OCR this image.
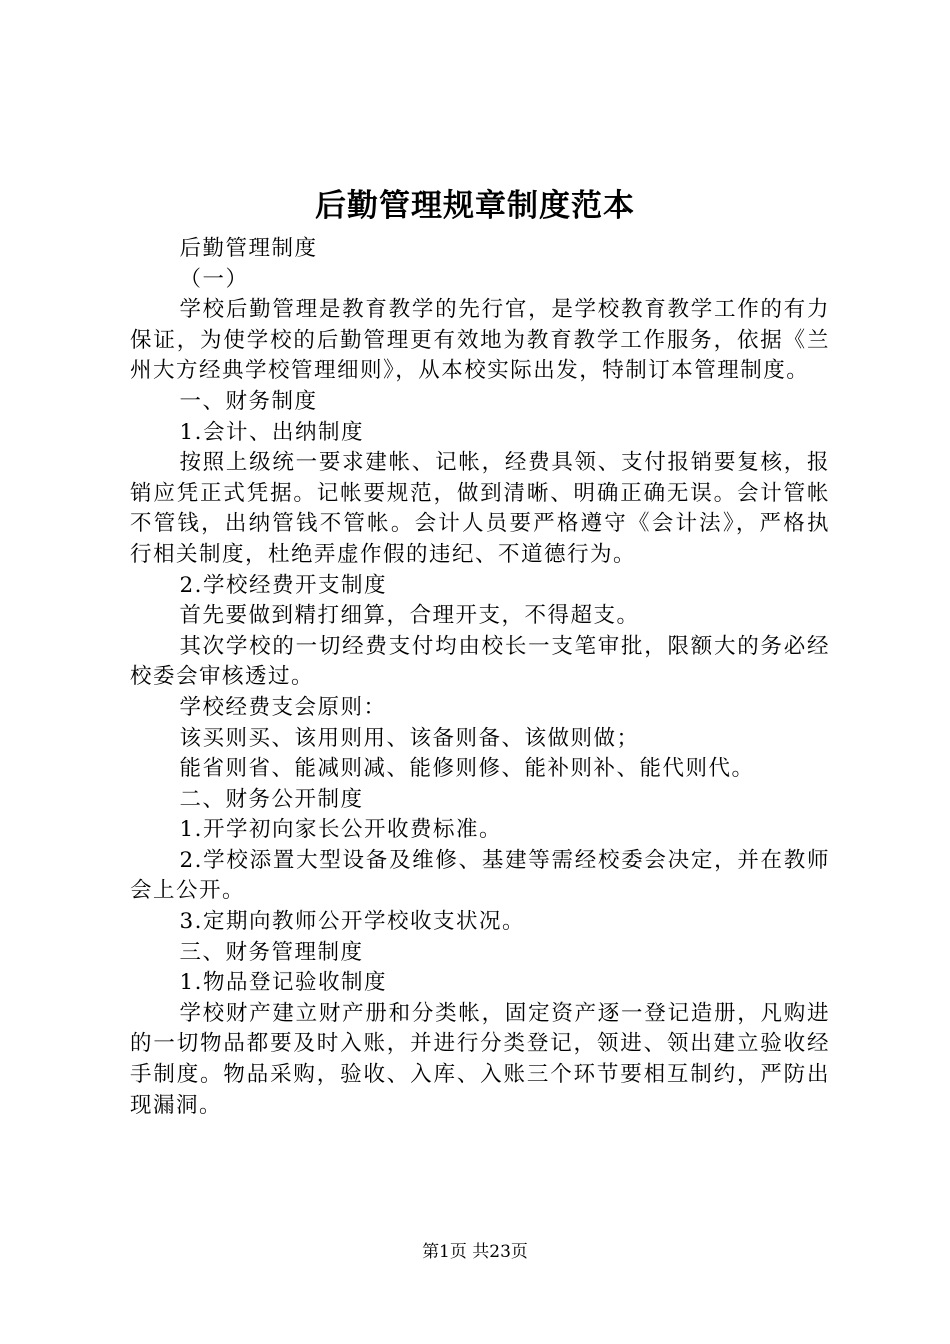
后勤管理规章制度范本

后勤管理制度

（一）

学校后勤管理是教育教学的先行官，是学校教育教学工作的有力保证，为使学校的后勤管理更有效地为教育教学工作服务，依据《兰州大方经典学校管理细则》，从本校实际出发，特制订本管理制度。

一、财务制度

1.会计、出纳制度

按照上级统一要求建帐、记帐，经费具领、支付报销要复核，报销应凭正式凭据。记帐要规范，做到清晰、明确正确无误。会计管帐不管钱，出纳管钱不管帐。会计人员要严格遵守《会计法》，严格执行相关制度，杜绝弄虚作假的违纪、不道德行为。

2.学校经费开支制度

首先要做到精打细算，合理开支，不得超支。

其次学校的一切经费支付均由校长一支笔审批，限额大的务必经校委会审核透过。

学校经费支会原则：

该买则买、该用则用、该备则备、该做则做；

能省则省、能减则减、能修则修、能补则补、能代则代。

二、财务公开制度

1.开学初向家长公开收费标准。

2.学校添置大型设备及维修、基建等需经校委会决定，并在教师会上公开。

3.定期向教师公开学校收支状况。

三、财务管理制度

1.物品登记验收制度

学校财产建立财产册和分类帐，固定资产逐一登记造册，凡购进的一切物品都要及时入账，并进行分类登记，领进、领出建立验收经手制度。物品采购，验收、入库、入账三个环节要相互制约，严防出现漏洞。

第1页 共23页
